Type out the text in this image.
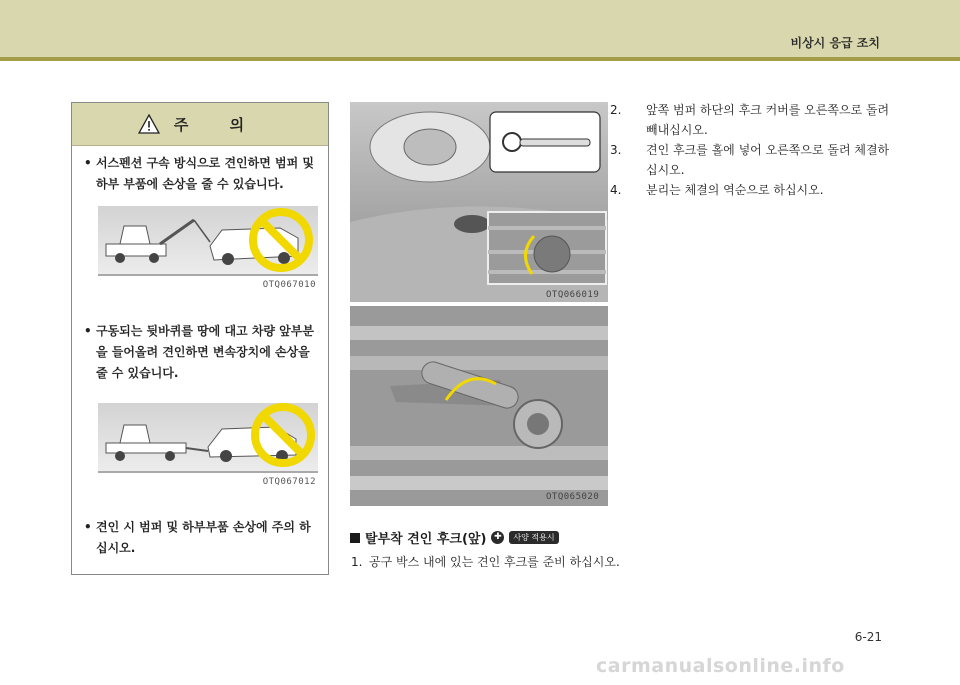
비상시 응급 조치
주 의
• 서스펜션 구속 방식으로 견인하면 범퍼 및 하부 부품에 손상을 줄 수 있습니다.
OTQ067010
• 구동되는 뒷바퀴를 땅에 대고 차량 앞부분을 들어올려 견인하면 변속장치에 손상을 줄 수 있습니다.
OTQ067012
• 견인 시 범퍼 및 하부부품 손상에 주의 하십시오.
OTQ066019
OTQ065020
탈부착 견인 후크(앞) ✚	사양 적용시
1. 공구 박스 내에 있는 견인 후크를 준비 하십시오.
2. 앞쪽 범퍼 하단의 후크 커버를 오른쪽으로 돌려 빼내십시오.
3. 견인 후크를 홀에 넣어 오른쪽으로 돌려 체결하십시오.
4. 분리는 체결의 역순으로 하십시오.
6-21
carmanualsonline.info
